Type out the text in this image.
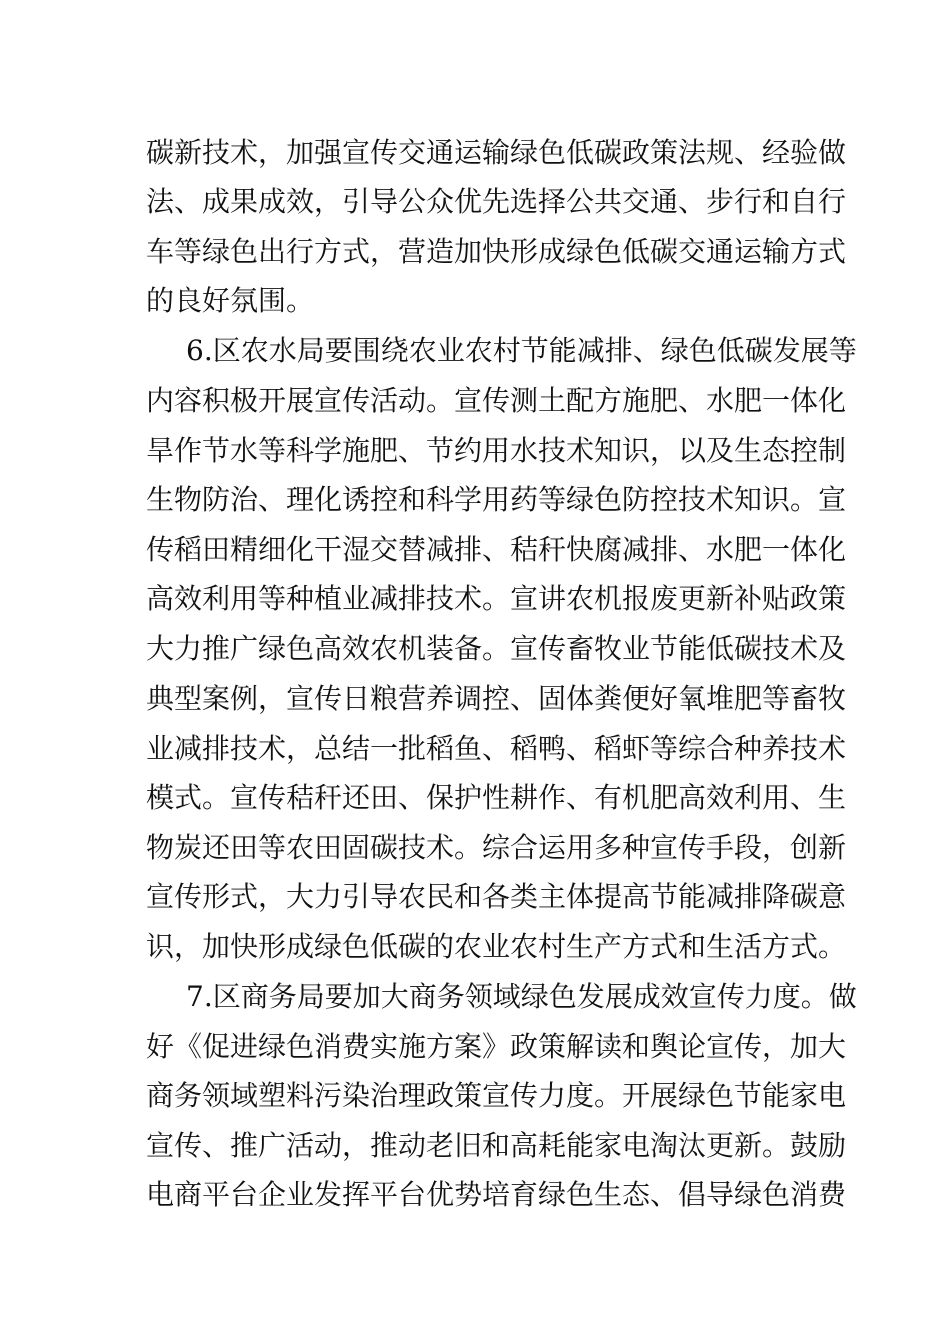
碳新技术，加强宣传交通运输绿色低碳政策法规、经验做
法、成果成效，引导公众优先选择公共交通、步行和自行
车等绿色出行方式，营造加快形成绿色低碳交通运输方式
的良好氛围。
6.区农水局要围绕农业农村节能减排、绿色低碳发展等
内容积极开展宣传活动。宣传测土配方施肥、水肥一体化
旱作节水等科学施肥、节约用水技术知识，以及生态控制
生物防治、理化诱控和科学用药等绿色防控技术知识。宣
传稻田精细化干湿交替减排、秸秆快腐减排、水肥一体化
高效利用等种植业减排技术。宣讲农机报废更新补贴政策
大力推广绿色高效农机装备。宣传畜牧业节能低碳技术及
典型案例，宣传日粮营养调控、固体粪便好氧堆肥等畜牧
业减排技术，总结一批稻鱼、稻鸭、稻虾等综合种养技术
模式。宣传秸秆还田、保护性耕作、有机肥高效利用、生
物炭还田等农田固碳技术。综合运用多种宣传手段，创新
宣传形式，大力引导农民和各类主体提高节能减排降碳意
识，加快形成绿色低碳的农业农村生产方式和生活方式。
7.区商务局要加大商务领域绿色发展成效宣传力度。做
好《促进绿色消费实施方案》政策解读和舆论宣传，加大
商务领域塑料污染治理政策宣传力度。开展绿色节能家电
宣传、推广活动，推动老旧和高耗能家电淘汰更新。鼓励
电商平台企业发挥平台优势培育绿色生态、倡导绿色消费
